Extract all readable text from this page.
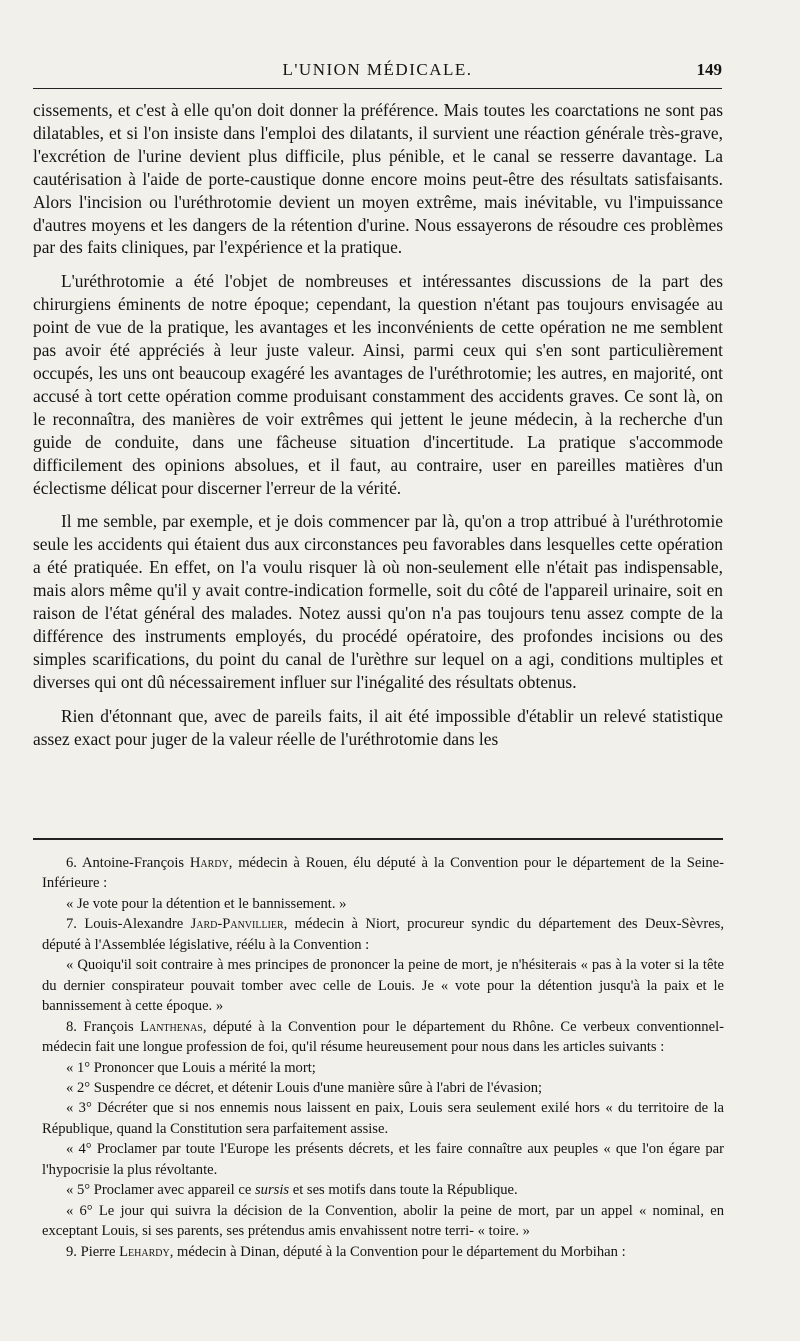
L'UNION MÉDICALE.	149

cissements, et c'est à elle qu'on doit donner la préférence. Mais toutes les coarctations ne sont pas dilatables, et si l'on insiste dans l'emploi des dilatants, il survient une réaction générale très-grave, l'excrétion de l'urine devient plus difficile, plus pénible, et le canal se resserre davantage. La cautérisation à l'aide de porte-caustique donne encore moins peut-être des résultats satisfaisants. Alors l'incision ou l'uréthrotomie devient un moyen extrême, mais inévitable, vu l'impuissance d'autres moyens et les dangers de la rétention d'urine. Nous essayerons de résoudre ces problèmes par des faits cliniques, par l'expérience et la pratique.

L'uréthrotomie a été l'objet de nombreuses et intéressantes discussions de la part des chirurgiens éminents de notre époque; cependant, la question n'étant pas toujours envisagée au point de vue de la pratique, les avantages et les inconvénients de cette opération ne me semblent pas avoir été appréciés à leur juste valeur. Ainsi, parmi ceux qui s'en sont particulièrement occupés, les uns ont beaucoup exagéré les avantages de l'uréthrotomie; les autres, en majorité, ont accusé à tort cette opération comme produisant constamment des accidents graves. Ce sont là, on le reconnaîtra, des manières de voir extrêmes qui jettent le jeune médecin, à la recherche d'un guide de conduite, dans une fâcheuse situation d'incertitude. La pratique s'accommode difficilement des opinions absolues, et il faut, au contraire, user en pareilles matières d'un éclectisme délicat pour discerner l'erreur de la vérité.

Il me semble, par exemple, et je dois commencer par là, qu'on a trop attribué à l'uréthrotomie seule les accidents qui étaient dus aux circonstances peu favorables dans lesquelles cette opération a été pratiquée. En effet, on l'a voulu risquer là où non-seulement elle n'était pas indispensable, mais alors même qu'il y avait contre-indication formelle, soit du côté de l'appareil urinaire, soit en raison de l'état général des malades. Notez aussi qu'on n'a pas toujours tenu assez compte de la différence des instruments employés, du procédé opératoire, des profondes incisions ou des simples scarifications, du point du canal de l'urèthre sur lequel on a agi, conditions multiples et diverses qui ont dû nécessairement influer sur l'inégalité des résultats obtenus.

Rien d'étonnant que, avec de pareils faits, il ait été impossible d'établir un relevé statistique assez exact pour juger de la valeur réelle de l'uréthrotomie dans les

6. Antoine-François Hardy, médecin à Rouen, élu député à la Convention pour le département de la Seine-Inférieure :

« Je vote pour la détention et le bannissement. »

7. Louis-Alexandre Jard-Panvillier, médecin à Niort, procureur syndic du département des Deux-Sèvres, député à l'Assemblée législative, réélu à la Convention :

« Quoiqu'il soit contraire à mes principes de prononcer la peine de mort, je n'hésiterais « pas à la voter si la tête du dernier conspirateur pouvait tomber avec celle de Louis. Je « vote pour la détention jusqu'à la paix et le bannissement à cette époque. »

8. François Lanthenas, député à la Convention pour le département du Rhône. Ce verbeux conventionnel-médecin fait une longue profession de foi, qu'il résume heureusement pour nous dans les articles suivants :

« 1° Prononcer que Louis a mérité la mort;

« 2° Suspendre ce décret, et détenir Louis d'une manière sûre à l'abri de l'évasion;

« 3° Décréter que si nos ennemis nous laissent en paix, Louis sera seulement exilé hors « du territoire de la République, quand la Constitution sera parfaitement assise.

« 4° Proclamer par toute l'Europe les présents décrets, et les faire connaître aux peuples « que l'on égare par l'hypocrisie la plus révoltante.

« 5° Proclamer avec appareil ce sursis et ses motifs dans toute la République.

« 6° Le jour qui suivra la décision de la Convention, abolir la peine de mort, par un appel « nominal, en exceptant Louis, si ses parents, ses prétendus amis envahissent notre terri- « toire. »

9. Pierre Lehardy, médecin à Dinan, député à la Convention pour le département du Morbihan :
